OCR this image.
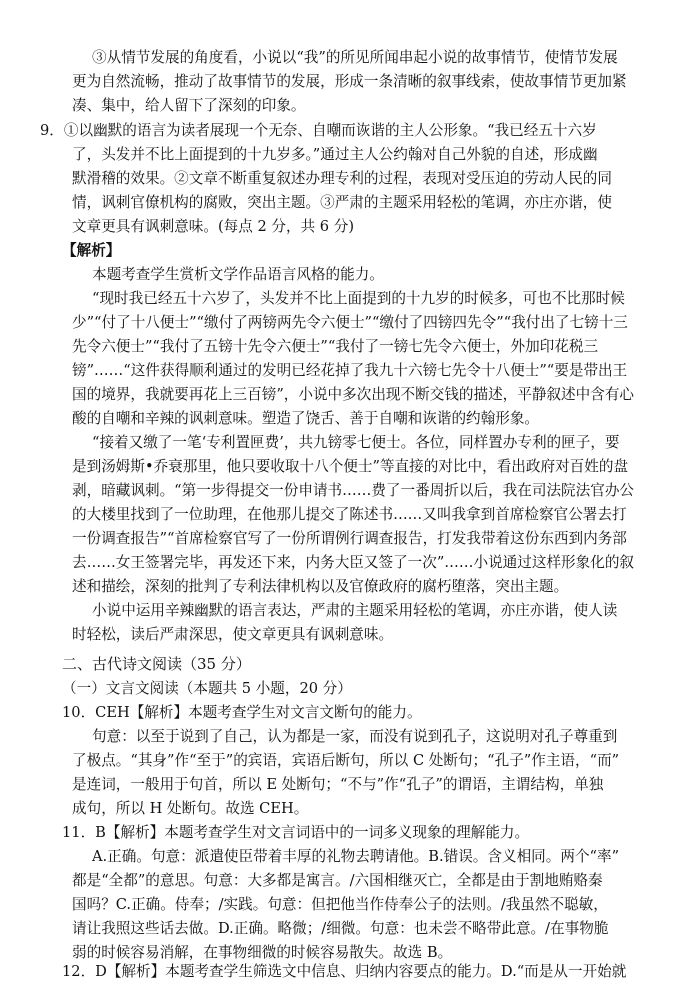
③从情节发展的角度看，小说以“我”的所见所闻串起小说的故事情节，使情节发展
更为自然流畅，推动了故事情节的发展，形成一条清晰的叙事线索，使故事情节更加紧
凑、集中，给人留下了深刻的印象。
9．①以幽默的语言为读者展现一个无奈、自嘲而诙谐的主人公形象。“我已经五十六岁
了，头发并不比上面提到的十九岁多。”通过主人公约翰对自己外貌的自述，形成幽
默滑稽的效果。②文章不断重复叙述办理专利的过程，表现对受压迫的劳动人民的同
情，讽刺官僚机构的腐败，突出主题。③严肃的主题采用轻松的笔调，亦庄亦谐，使
文章更具有讽刺意味。(每点 2 分，共 6 分)
【解析】
本题考查学生赏析文学作品语言风格的能力。
“现时我已经五十六岁了，头发并不比上面提到的十九岁的时候多，可也不比那时候
少”“付了十八便士”“缴付了两镑两先令六便士”“缴付了四镑四先令”“我付出了七镑十三
先令六便士”“我付了五镑十先令六便士”“我付了一镑七先令六便士，外加印花税三
镑”……“这件获得顺利通过的发明已经花掉了我九十六镑七先令十八便士”“要是带出王
国的境界，我就要再花上三百镑”，小说中多次出现不断交钱的描述，平静叙述中含有心
酸的自嘲和辛辣的讽刺意味。塑造了饶舌、善于自嘲和诙谐的约翰形象。
“接着又缴了一笔‘专利置匣费’，共九镑零七便士。各位，同样置办专利的匣子，要
是到汤姆斯•乔衰那里，他只要收取十八个便士”等直接的对比中，看出政府对百姓的盘
剥，暗藏讽刺。“第一步得提交一份申请书……费了一番周折以后，我在司法院法官办公
的大楼里找到了一位助理，在他那儿提交了陈述书……又叫我拿到首席检察官公署去打
一份调查报告”“首席检察官写了一份所谓例行调查报告，打发我带着这份东西到内务部
去……女王签署完毕，再发还下来，内务大臣又签了一次”……小说通过这样形象化的叙
述和描绘，深刻的批判了专利法律机构以及官僚政府的腐朽堕落，突出主题。
小说中运用辛辣幽默的语言表达，严肃的主题采用轻松的笔调，亦庄亦谐，使人读
时轻松，读后严肃深思，使文章更具有讽刺意味。
二、古代诗文阅读（35 分）
（一）文言文阅读（本题共 5 小题，20 分）
10．CEH【解析】本题考查学生对文言文断句的能力。
句意：以至于说到了自己，认为都是一家，而没有说到孔子，这说明对孔子尊重到
了极点。“其身”作“至于”的宾语，宾语后断句，所以 C 处断句；“孔子”作主语，“而”
是连词，一般用于句首，所以 E 处断句；“不与”作“孔子”的谓语，主谓结构，单独
成句，所以 H 处断句。故选 CEH。
11．B【解析】本题考查学生对文言词语中的一词多义现象的理解能力。
A.正确。句意：派遣使臣带着丰厚的礼物去聘请他。B.错误。含义相同。两个“率”
都是“全都”的意思。句意：大多都是寓言。/六国相继灭亡，全都是由于割地贿赂秦
国吗？C.正确。侍奉；/实践。句意：但把他当作侍奉公子的法则。/我虽然不聪敏，
请让我照这些话去做。D.正确。略微；/细微。句意：也未尝不略带此意。/在事物脆
弱的时候容易消解，在事物细微的时候容易散失。故选 B。
12．D【解析】本题考查学生筛选文中信息、归纳内容要点的能力。D.“而是从一开始就
